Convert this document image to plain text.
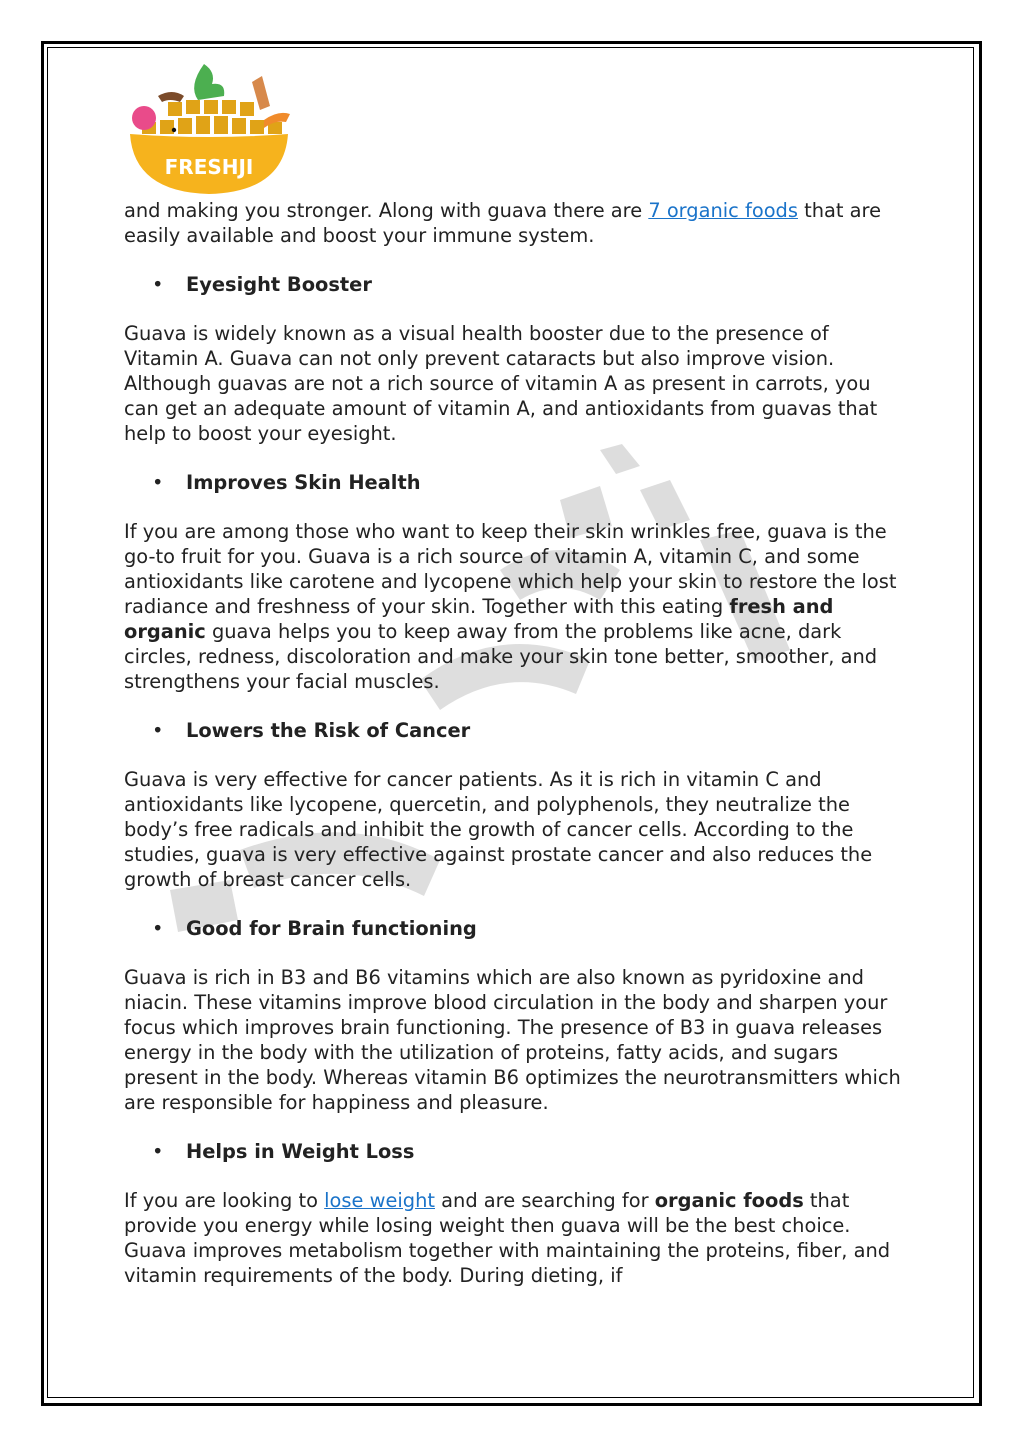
FRESHJI

and making you stronger. Along with guava there are 7 organic foods that are easily available and boost your immune system.

• Eyesight Booster

Guava is widely known as a visual health booster due to the presence of Vitamin A. Guava can not only prevent cataracts but also improve vision. Although guavas are not a rich source of vitamin A as present in carrots, you can get an adequate amount of vitamin A, and antioxidants from guavas that help to boost your eyesight.

• Improves Skin Health

If you are among those who want to keep their skin wrinkles free, guava is the go-to fruit for you. Guava is a rich source of vitamin A, vitamin C, and some antioxidants like carotene and lycopene which help your skin to restore the lost radiance and freshness of your skin. Together with this eating fresh and organic guava helps you to keep away from the problems like acne, dark circles, redness, discoloration and make your skin tone better, smoother, and strengthens your facial muscles.

• Lowers the Risk of Cancer

Guava is very effective for cancer patients. As it is rich in vitamin C and antioxidants like lycopene, quercetin, and polyphenols, they neutralize the body’s free radicals and inhibit the growth of cancer cells. According to the studies, guava is very effective against prostate cancer and also reduces the growth of breast cancer cells.

• Good for Brain functioning

Guava is rich in B3 and B6 vitamins which are also known as pyridoxine and niacin. These vitamins improve blood circulation in the body and sharpen your focus which improves brain functioning. The presence of B3 in guava releases energy in the body with the utilization of proteins, fatty acids, and sugars present in the body. Whereas vitamin B6 optimizes the neurotransmitters which are responsible for happiness and pleasure.

• Helps in Weight Loss

If you are looking to lose weight and are searching for organic foods that provide you energy while losing weight then guava will be the best choice. Guava improves metabolism together with maintaining the proteins, fiber, and vitamin requirements of the body. During dieting, if
